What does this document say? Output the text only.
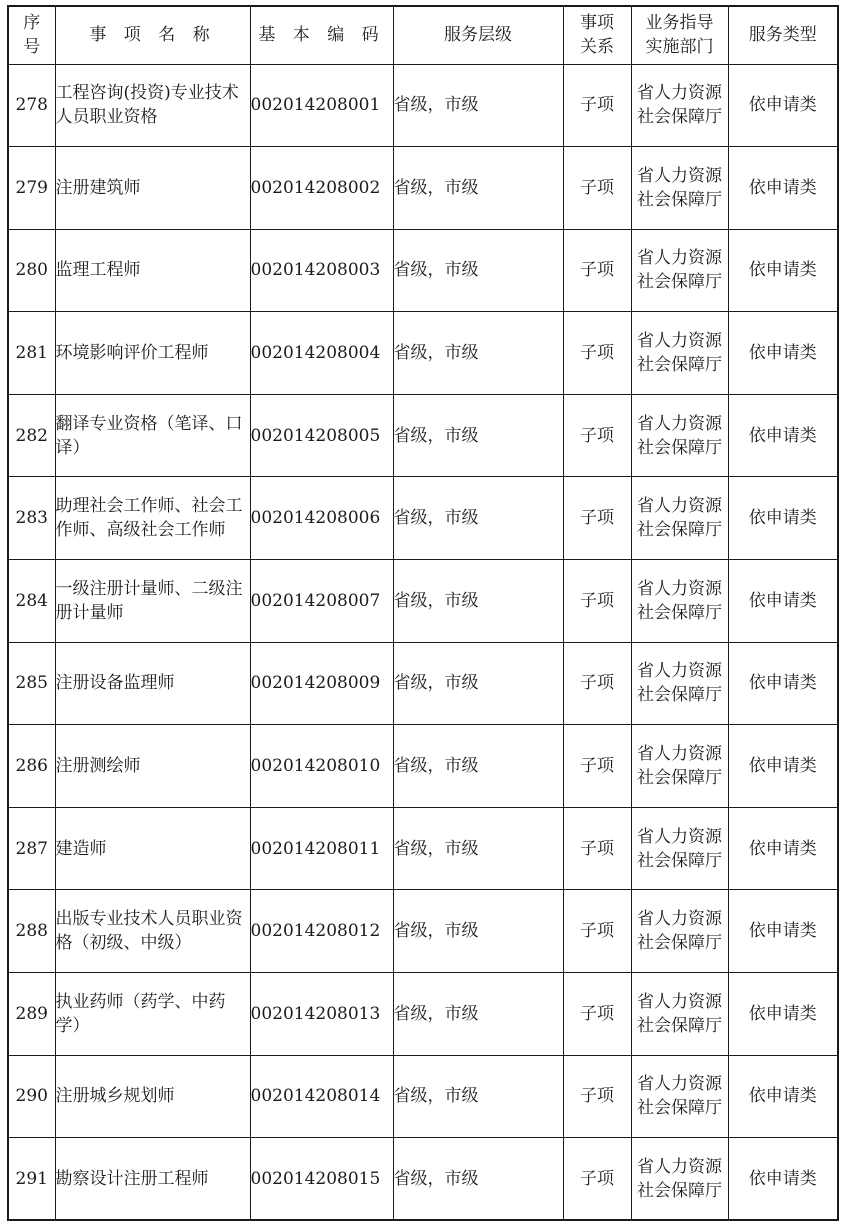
序号	事 项 名 称	基 本 编 码	服务层级	事项关系	业务指导实施部门	服务类型
278	工程咨询(投资)专业技术人员职业资格	002014208001	省级，市级	子项	省人力资源社会保障厅	依申请类
279	注册建筑师	002014208002	省级，市级	子项	省人力资源社会保障厅	依申请类
280	监理工程师	002014208003	省级，市级	子项	省人力资源社会保障厅	依申请类
281	环境影响评价工程师	002014208004	省级，市级	子项	省人力资源社会保障厅	依申请类
282	翻译专业资格（笔译、口译）	002014208005	省级，市级	子项	省人力资源社会保障厅	依申请类
283	助理社会工作师、社会工作师、高级社会工作师	002014208006	省级，市级	子项	省人力资源社会保障厅	依申请类
284	一级注册计量师、二级注册计量师	002014208007	省级，市级	子项	省人力资源社会保障厅	依申请类
285	注册设备监理师	002014208009	省级，市级	子项	省人力资源社会保障厅	依申请类
286	注册测绘师	002014208010	省级，市级	子项	省人力资源社会保障厅	依申请类
287	建造师	002014208011	省级，市级	子项	省人力资源社会保障厅	依申请类
288	出版专业技术人员职业资格（初级、中级）	002014208012	省级，市级	子项	省人力资源社会保障厅	依申请类
289	执业药师（药学、中药学）	002014208013	省级，市级	子项	省人力资源社会保障厅	依申请类
290	注册城乡规划师	002014208014	省级，市级	子项	省人力资源社会保障厅	依申请类
291	勘察设计注册工程师	002014208015	省级，市级	子项	省人力资源社会保障厅	依申请类
